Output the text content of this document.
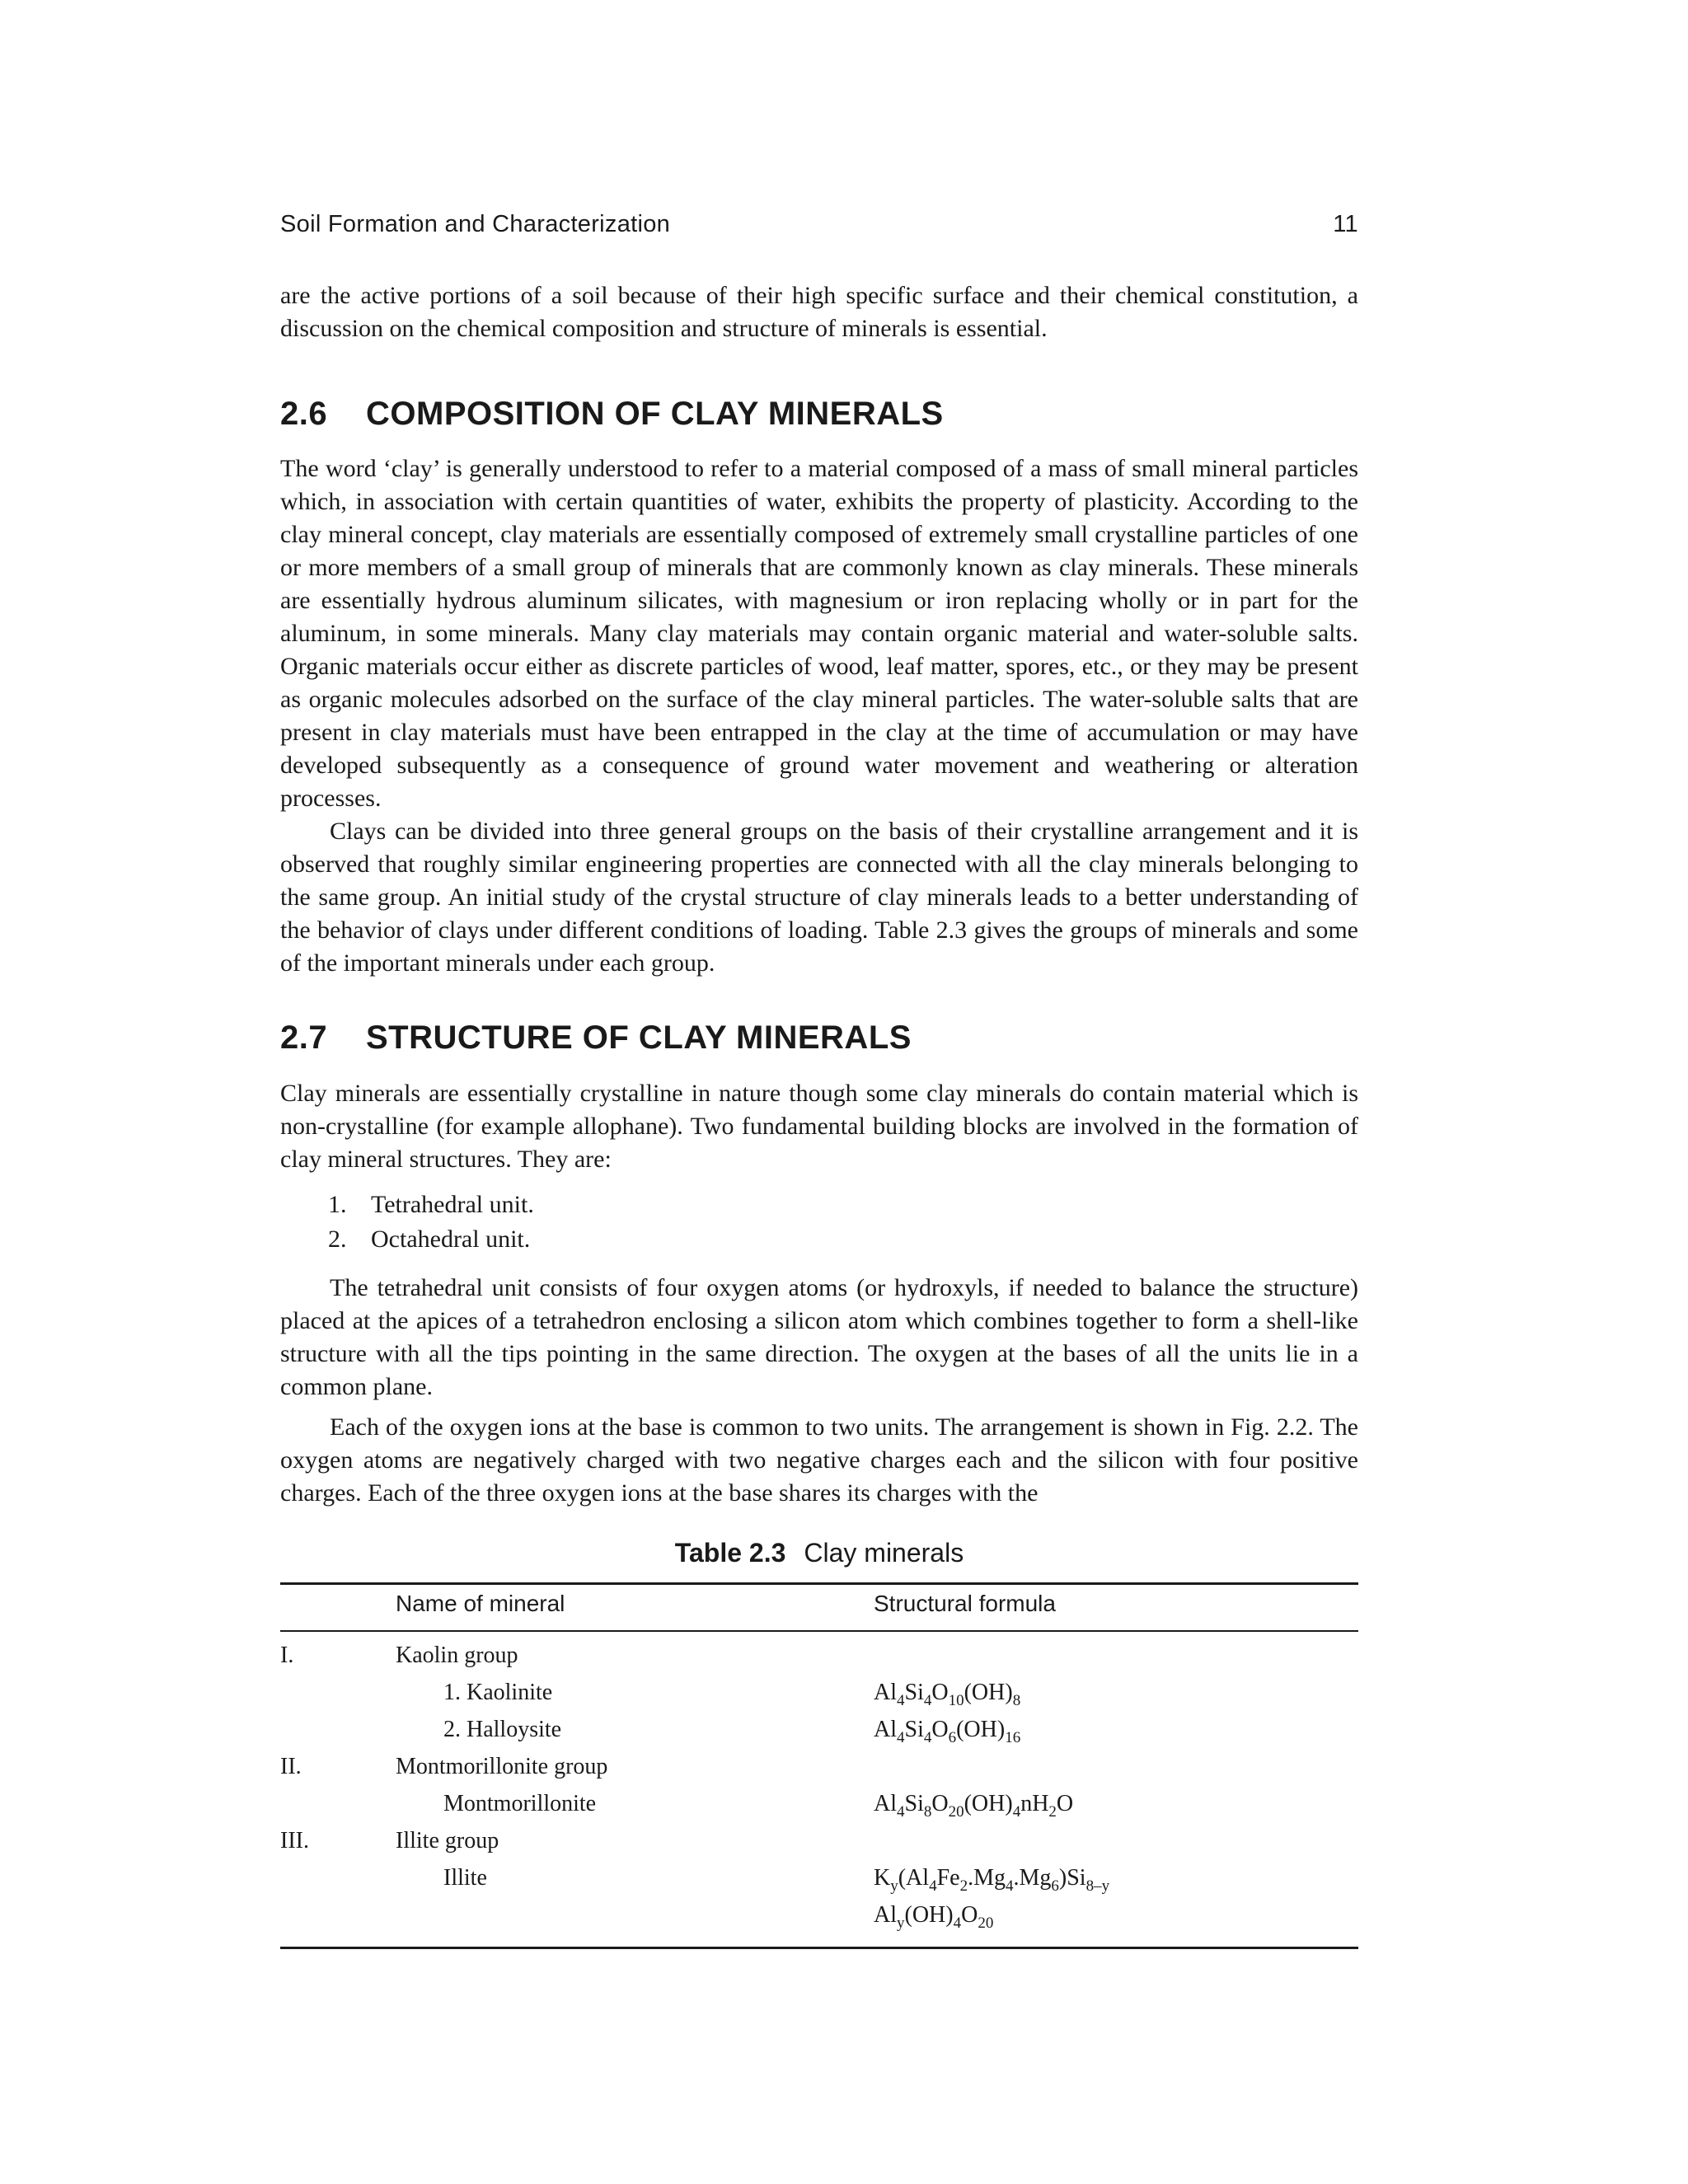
Soil Formation and Characterization	11

are the active portions of a soil because of their high specific surface and their chemical constitution, a discussion on the chemical composition and structure of minerals is essential.

2.6 COMPOSITION OF CLAY MINERALS

The word ‘clay’ is generally understood to refer to a material composed of a mass of small mineral particles which, in association with certain quantities of water, exhibits the property of plasticity. According to the clay mineral concept, clay materials are essentially composed of extremely small crystalline particles of one or more members of a small group of minerals that are commonly known as clay minerals. These minerals are essentially hydrous aluminum silicates, with magnesium or iron replacing wholly or in part for the aluminum, in some minerals. Many clay materials may contain organic material and water-soluble salts. Organic materials occur either as discrete particles of wood, leaf matter, spores, etc., or they may be present as organic molecules adsorbed on the surface of the clay mineral particles. The water-soluble salts that are present in clay materials must have been entrapped in the clay at the time of accumulation or may have developed subsequently as a consequence of ground water movement and weathering or alteration processes.

Clays can be divided into three general groups on the basis of their crystalline arrangement and it is observed that roughly similar engineering properties are connected with all the clay minerals belonging to the same group. An initial study of the crystal structure of clay minerals leads to a better understanding of the behavior of clays under different conditions of loading. Table 2.3 gives the groups of minerals and some of the important minerals under each group.

2.7 STRUCTURE OF CLAY MINERALS

Clay minerals are essentially crystalline in nature though some clay minerals do contain material which is non-crystalline (for example allophane). Two fundamental building blocks are involved in the formation of clay mineral structures. They are:

1. Tetrahedral unit.
2. Octahedral unit.

The tetrahedral unit consists of four oxygen atoms (or hydroxyls, if needed to balance the structure) placed at the apices of a tetrahedron enclosing a silicon atom which combines together to form a shell-like structure with all the tips pointing in the same direction. The oxygen at the bases of all the units lie in a common plane.

Each of the oxygen ions at the base is common to two units. The arrangement is shown in Fig. 2.2. The oxygen atoms are negatively charged with two negative charges each and the silicon with four positive charges. Each of the three oxygen ions at the base shares its charges with the

Table 2.3 Clay minerals
Name of mineral	Structural formula
I.	Kaolin group
1. Kaolinite	$Al_4Si_4O_{10}(OH)_8$
2. Halloysite	$Al_4Si_4O_6(OH)_{16}$
II.	Montmorillonite group
Montmorillonite	$Al_4Si_8O_{20}(OH)_4nH_2O$
III.	Illite group
Illite	$K_y(Al_4Fe_2.Mg_4.Mg_6)Si_{8-y}$
$Al_y(OH)_4O_{20}$
